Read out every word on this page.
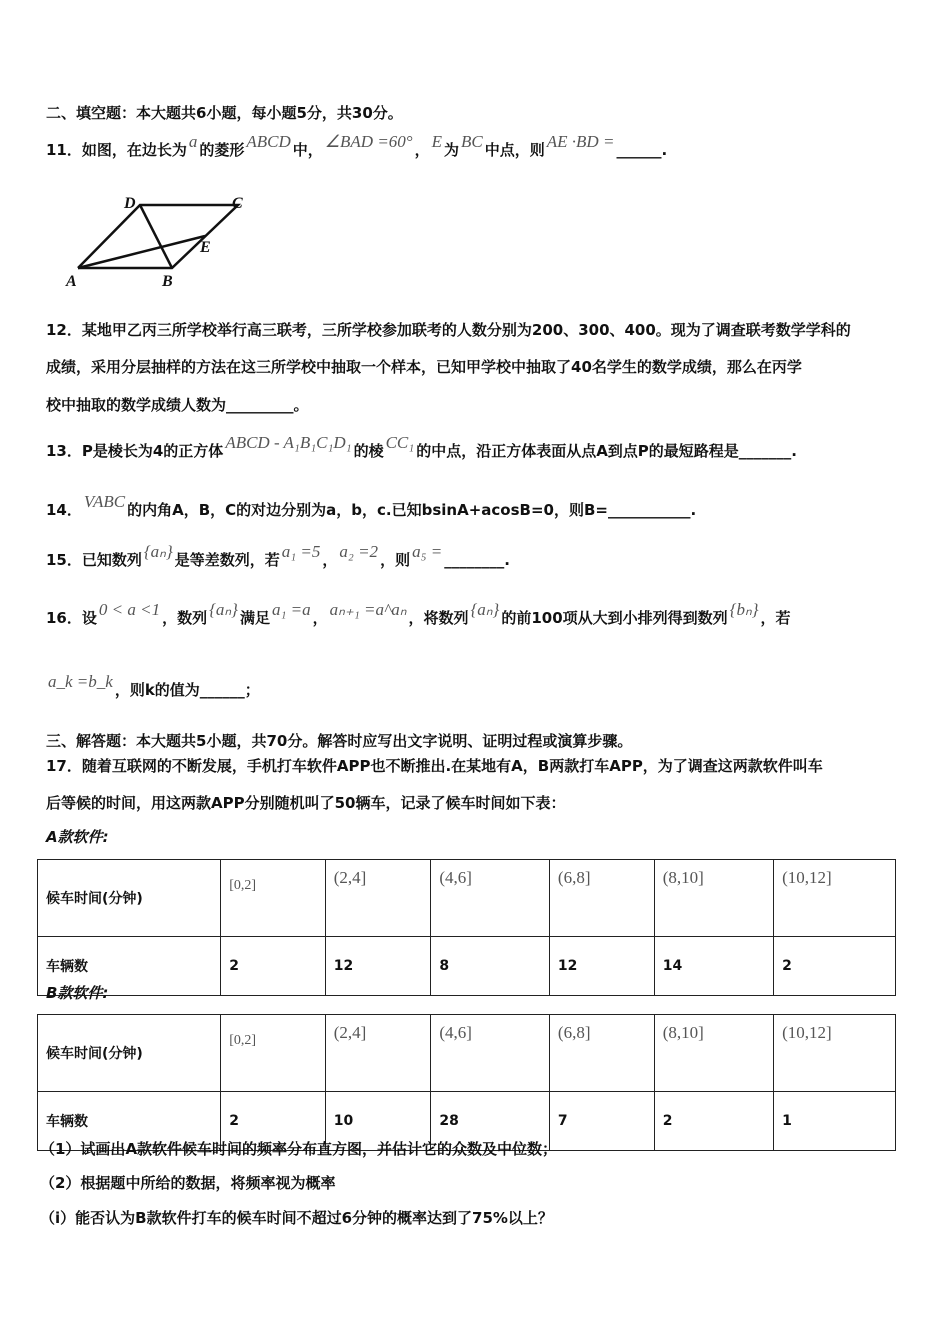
二、填空题：本大题共6小题，每小题5分，共30分。
11．如图，在边长为 a 的菱形 ABCD 中， ∠BAD =60° ， E 为 BC 中点，则 AE ·BD = ______.
D	C
E
A	B
12．某地甲乙丙三所学校举行高三联考，三所学校参加联考的人数分别为200、300、400。现为了调查联考数学学科的
成绩，采用分层抽样的方法在这三所学校中抽取一个样本，已知甲学校中抽取了40名学生的数学成绩，那么在丙学
校中抽取的数学成绩人数为_________。
13．P是棱长为4的正方体 ABCD - A₁B₁C₁D₁ 的棱 CC₁ 的中点，沿正方体表面从点A到点P的最短路程是_______.
14． VABC 的内角A，B，C的对边分别为a，b，c.已知bsinA+acosB=0，则B=___________.
15．已知数列 {aₙ} 是等差数列，若 a₁ =5 ， a₂ =2 ，则 a₅ = ________.
16．设 0 < a <1 ，数列 {aₙ} 满足 a₁ =a ， aₙ₊₁ =a^aₙ ，将数列 {aₙ} 的前100项从大到小排列得到数列 {bₙ} ，若
a_k =b_k ，则k的值为______；
三、解答题：本大题共5小题，共70分。解答时应写出文字说明、证明过程或演算步骤。
17．随着互联网的不断发展，手机打车软件APP也不断推出.在某地有A，B两款打车APP，为了调查这两款软件叫车
后等候的时间，用这两款APP分别随机叫了50辆车，记录了候车时间如下表：
A款软件:
候车时间(分钟)	[0,2]	(2,4]	(4,6]	(6,8]	(8,10]	(10,12]
车辆数	2	12	8	12	14	2
B款软件:
候车时间(分钟)	[0,2]	(2,4]	(4,6]	(6,8]	(8,10]	(10,12]
车辆数	2	10	28	7	2	1
（1）试画出A款软件候车时间的频率分布直方图，并估计它的众数及中位数；
（2）根据题中所给的数据，将频率视为概率
（i）能否认为B款软件打车的候车时间不超过6分钟的概率达到了75%以上？
